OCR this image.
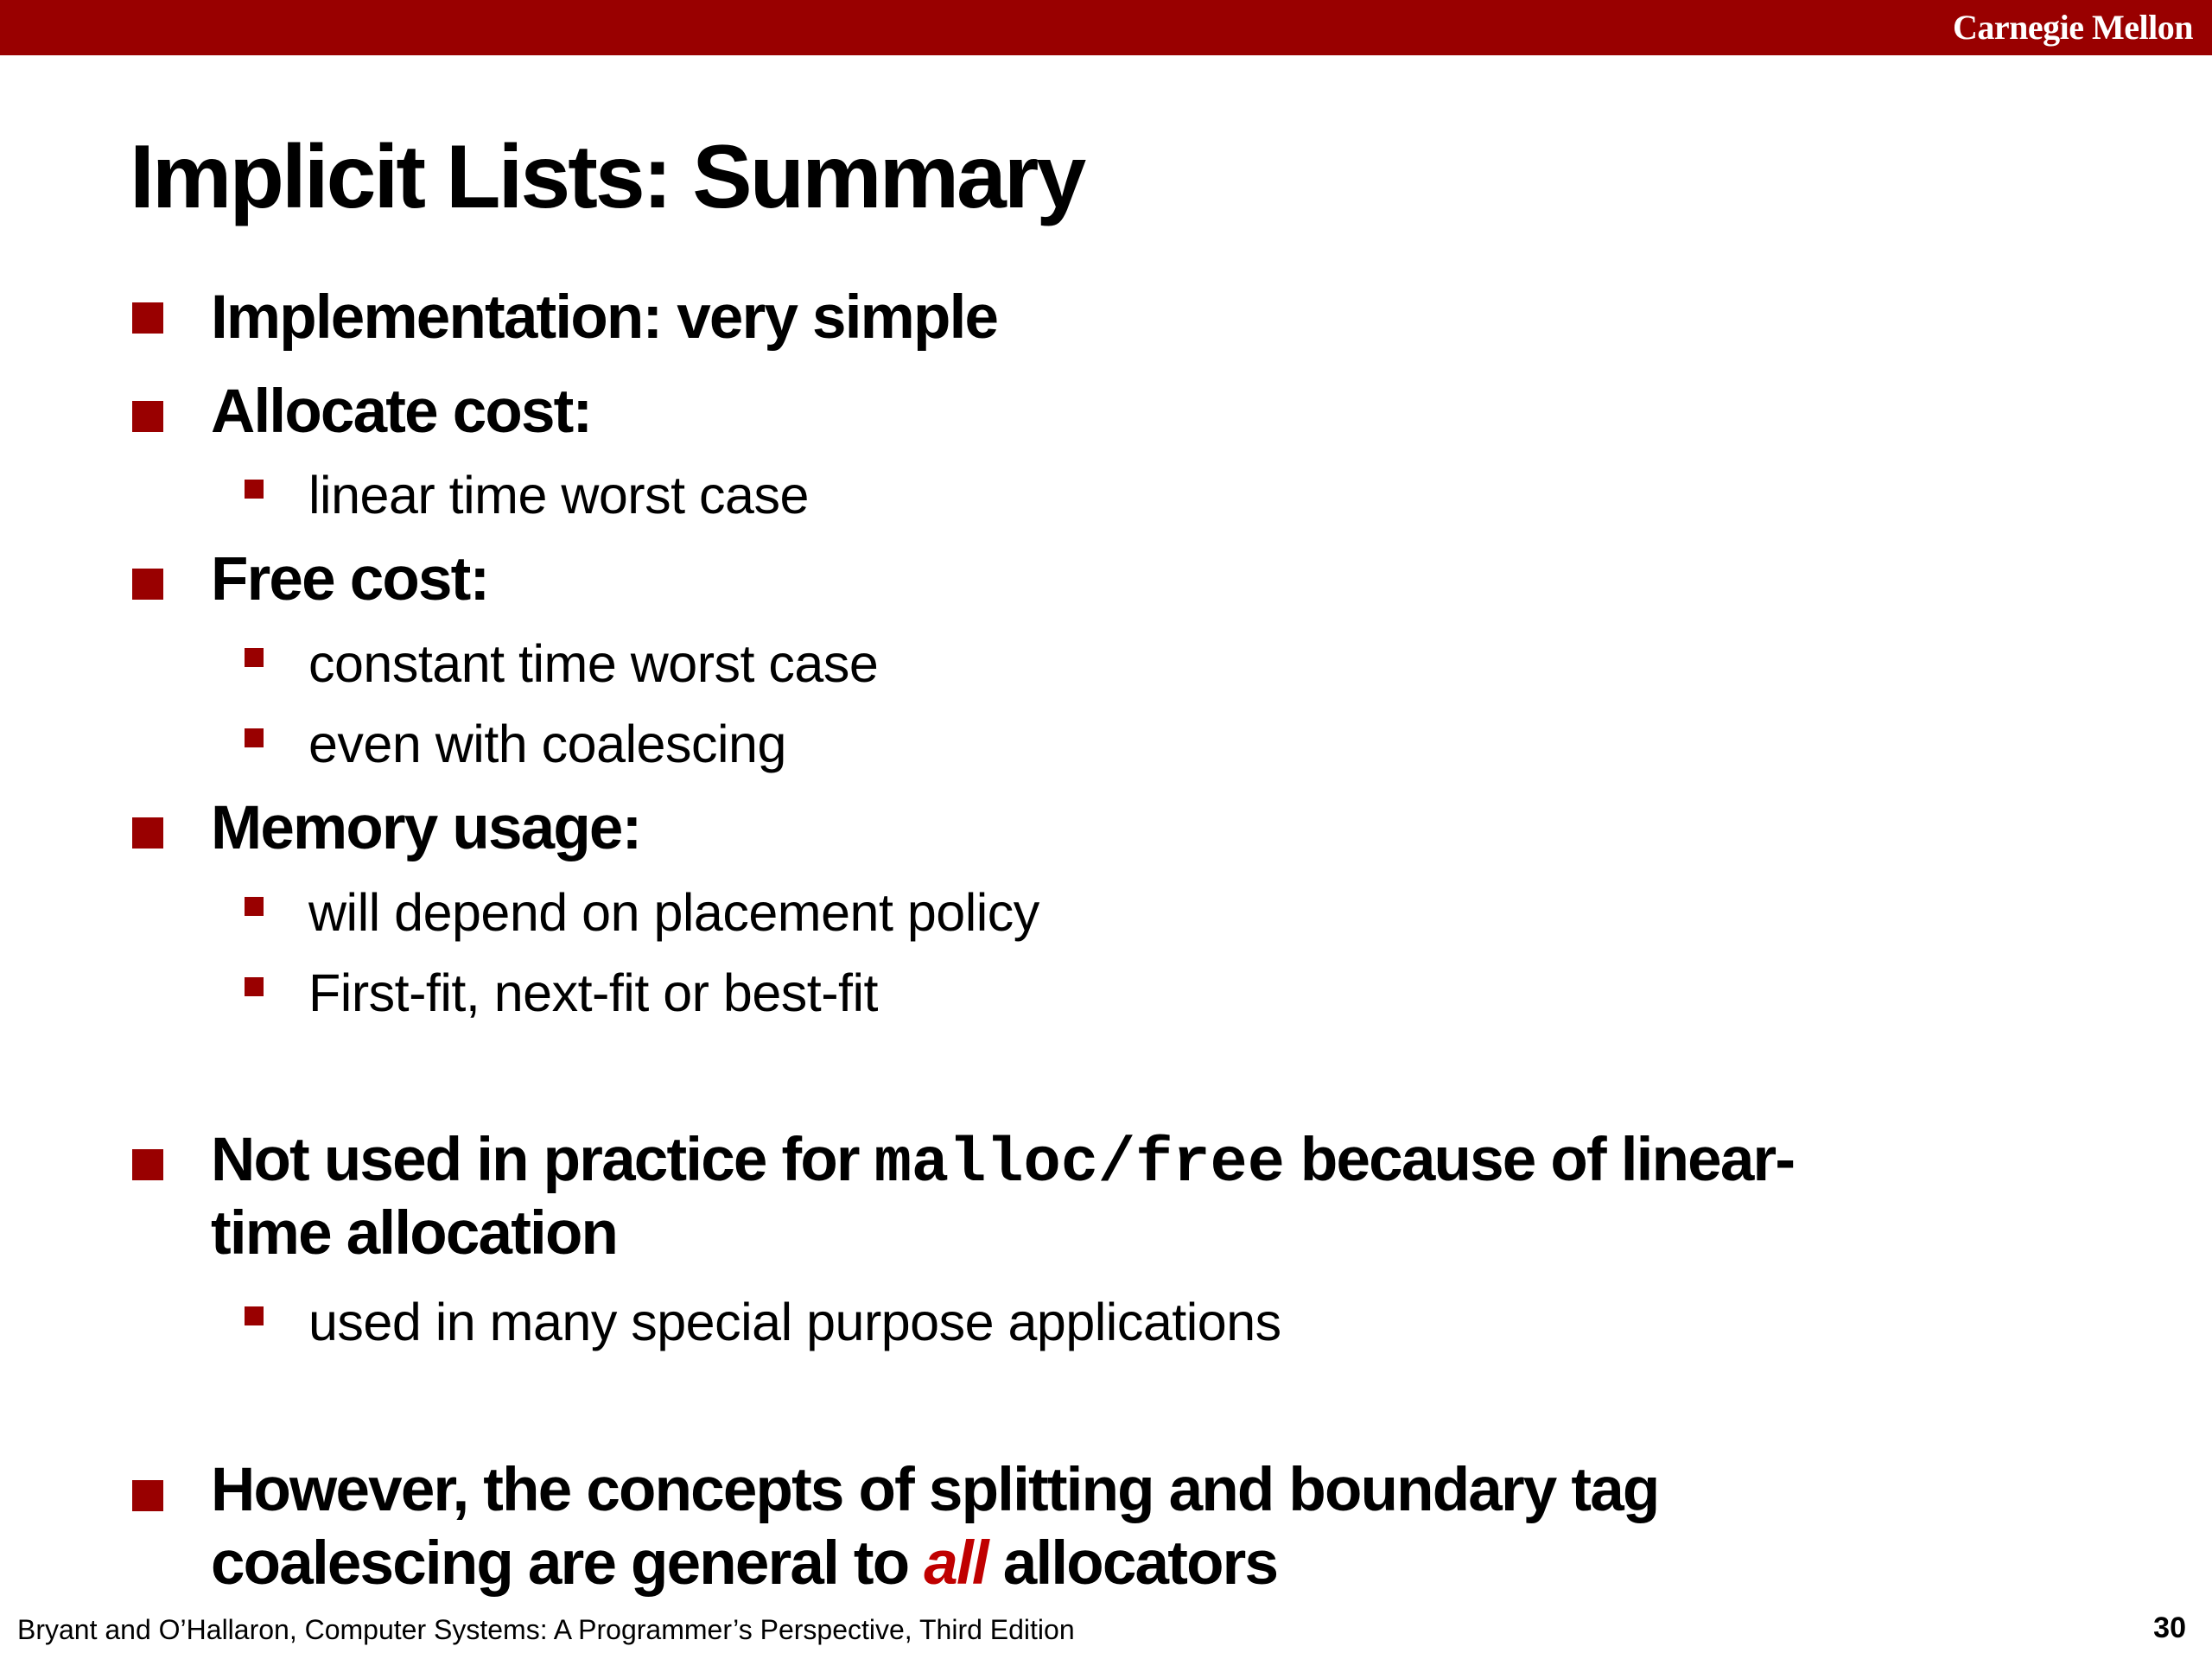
Carnegie Mellon
Implicit Lists: Summary
Implementation: very simple
Allocate cost:
linear time worst case
Free cost:
constant time worst case
even with coalescing
Memory usage:
will depend on placement policy
First-fit, next-fit or best-fit
Not used in practice for malloc/free because of linear-
time allocation
used in many special purpose applications
However, the concepts of splitting and boundary tag
coalescing are general to all allocators
Bryant and O’Hallaron, Computer Systems: A Programmer’s Perspective, Third Edition	30
